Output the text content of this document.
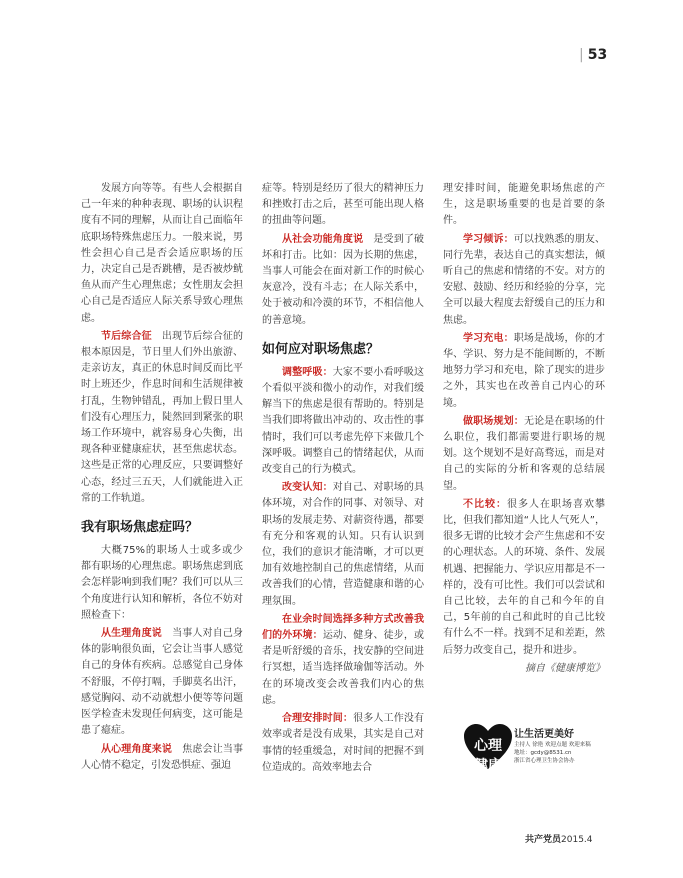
| 53

发展方向等等。有些人会根据自己一年来的种种表现、职场的认识程度有不同的理解，从而让自己面临年底职场特殊焦虑压力。一般来说，男性会担心自己是否会适应职场的压力，决定自己是否跳槽，是否被炒鱿鱼从而产生心理焦虑；女性朋友会担心自己是否适应人际关系导致心理焦虑。

节后综合征　出现节后综合征的根本原因是，节日里人们外出旅游、走亲访友，真正的休息时间反而比平时上班还少，作息时间和生活规律被打乱，生物钟错乱，再加上假日里人们没有心理压力，陡然回到紧张的职场工作环境中，就容易身心失衡，出现各种亚健康症状，甚至焦虑状态。这些是正常的心理反应，只要调整好心态，经过三五天，人们就能进入正常的工作轨道。

我有职场焦虑症吗？

大概75%的职场人士或多或少都有职场的心理焦虑。职场焦虑到底会怎样影响到我们呢？我们可以从三个角度进行认知和解析，各位不妨对照检查下：

从生理角度说　当事人对自己身体的影响很负面，它会让当事人感觉自己的身体有疾病。总感觉自己身体不舒服，不停打嗝，手脚莫名出汗，感觉胸闷、动不动就想小便等等问题医学检查未发现任何病变，这可能是患了癔症。

从心理角度来说　焦虑会让当事人心情不稳定，引发恐惧症、强迫

症等。特别是经历了很大的精神压力和挫败打击之后，甚至可能出现人格的扭曲等问题。

从社会功能角度说　是受到了破坏和打击。比如：因为长期的焦虑，当事人可能会在面对新工作的时候心灰意冷，没有斗志；在人际关系中，处于被动和冷漠的环节，不相信他人的善意境。

如何应对职场焦虑？

调整呼吸：大家不要小看呼吸这个看似平淡和微小的动作，对我们缓解当下的焦虑是很有帮助的。特别是当我们即将做出冲动的、攻击性的事情时，我们可以考虑先停下来做几个深呼吸。调整自己的情绪起伏，从而改变自己的行为模式。

改变认知：对自己、对职场的具体环境，对合作的同事、对领导、对职场的发展走势、对薪资待遇，都要有充分和客观的认知。只有认识到位，我们的意识才能清晰，才可以更加有效地控制自己的焦虑情绪，从而改善我们的心情，营造健康和谐的心理氛围。

在业余时间选择多种方式改善我们的外环境：运动、健身、徒步，或者是听舒缓的音乐，找安静的空间进行冥想，适当选择做瑜伽等活动。外在的环境改变会改善我们内心的焦虑。

合理安排时间：很多人工作没有效率或者是没有成果，其实是自己对事情的轻重缓急，对时间的把握不到位造成的。高效率地去合

理安排时间，能避免职场焦虑的产生，这是职场重要的也是首要的条件。

学习倾诉：可以找熟悉的朋友、同行先辈，表达自己的真实想法，倾听自己的焦虑和情绪的不安。对方的安慰、鼓励、经历和经验的分享，完全可以最大程度去舒缓自己的压力和焦虑。

学习充电：职场是战场，你的才华、学识、努力是不能间断的，不断地努力学习和充电，除了现实的进步之外，其实也在改善自己内心的环境。

做职场规划：无论是在职场的什么职位，我们都需要进行职场的规划。这个规划不是好高骛远，而是对自己的实际的分析和客观的总结展望。

不比较：很多人在职场喜欢攀比，但我们都知道“人比人气死人”，很多无谓的比较才会产生焦虑和不安的心理状态。人的环境、条件、发展机遇、把握能力、学识应用都是不一样的，没有可比性。我们可以尝试和自己比较，去年的自己和今年的自己，5年前的自己和此时的自己比较有什么不一样。找到不足和差距，然后努力改变自己，提升和进步。

摘自《健康博览》

心理健康
让生活更美好
主持人 徐艳 欢迎点题 欢迎来稿
地址：gcdy@8531.cn
浙江省心理卫生协会协办
共产党员2015.4
